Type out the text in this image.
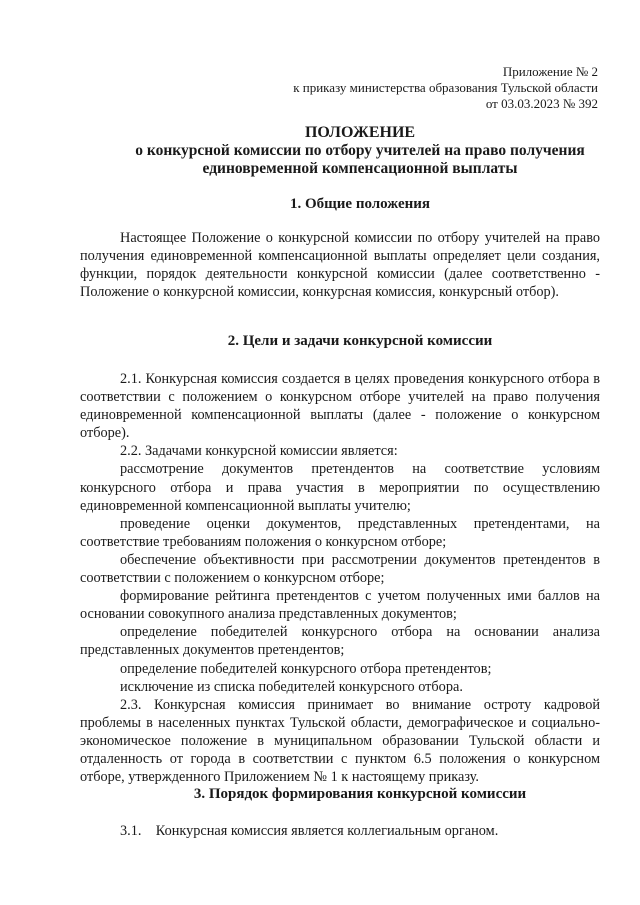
Приложение № 2
к приказу министерства образования Тульской области
от 03.03.2023 № 392
ПОЛОЖЕНИЕ
о конкурсной комиссии по отбору учителей на право получения
единовременной компенсационной выплаты
1. Общие положения

Настоящее Положение о конкурсной комиссии по отбору учителей на право получения единовременной компенсационной выплаты определяет цели создания, функции, порядок деятельности конкурсной комиссии (далее соответственно - Положение о конкурсной комиссии, конкурсная комиссия, конкурсный отбор).

2. Цели и задачи конкурсной комиссии

2.1. Конкурсная комиссия создается в целях проведения конкурсного отбора в соответствии с положением о конкурсном отборе учителей на право получения единовременной компенсационной выплаты (далее - положение о конкурсном отборе).

2.2. Задачами конкурсной комиссии является:

рассмотрение документов претендентов на соответствие условиям конкурсного отбора и права участия в мероприятии по осуществлению единовременной компенсационной выплаты учителю;

проведение оценки документов, представленных претендентами, на соответствие требованиям положения о конкурсном отборе;

обеспечение объективности при рассмотрении документов претендентов в соответствии с положением о конкурсном отборе;

формирование рейтинга претендентов с учетом полученных ими баллов на основании совокупного анализа представленных документов;

определение победителей конкурсного отбора на основании анализа представленных документов претендентов;

определение победителей конкурсного отбора претендентов;

исключение из списка победителей конкурсного отбора.

2.3. Конкурсная комиссия принимает во внимание остроту кадровой проблемы в населенных пунктах Тульской области, демографическое и социально-экономическое положение в муниципальном образовании Тульской области и отдаленность от города в соответствии с пунктом 6.5 положения о конкурсном отборе, утвержденного Приложением № 1 к настоящему приказу.

3. Порядок формирования конкурсной комиссии

3.1.    Конкурсная комиссия является коллегиальным органом.
